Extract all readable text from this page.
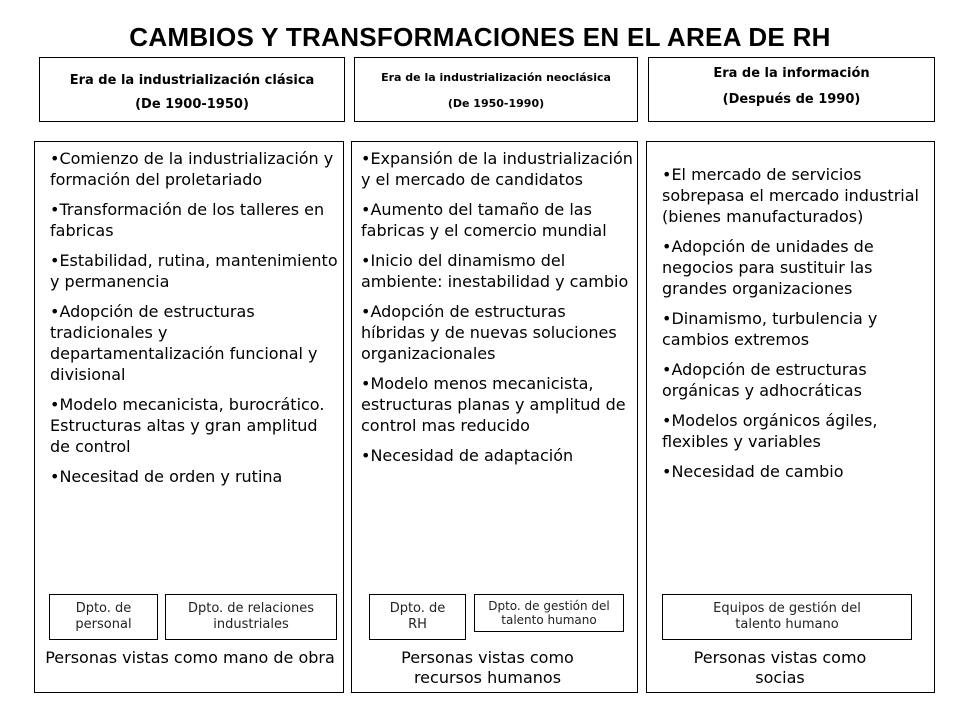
CAMBIOS Y TRANSFORMACIONES EN EL AREA DE RH
Era de la industrialización clásica
(De 1900-1950)
Era de la industrialización neoclásica
(De 1950-1990)
Era de la información
(Después de 1990)
•Comienzo de la industrialización y formación del proletariado
•Transformación de los talleres en fabricas
•Estabilidad, rutina, mantenimiento y permanencia
•Adopción de estructuras tradicionales y departamentalización funcional y divisional
•Modelo mecanicista, burocrático. Estructuras altas y gran amplitud de control
•Necesitad de orden y rutina
Dpto. de personal
Dpto. de relaciones industriales
Personas vistas como mano de obra
•Expansión de la industrialización y el mercado de candidatos
•Aumento del tamaño de las fabricas y el comercio mundial
•Inicio del dinamismo del ambiente: inestabilidad y cambio
•Adopción de estructuras híbridas y de nuevas soluciones organizacionales
•Modelo menos mecanicista, estructuras planas y amplitud de control mas reducido
•Necesidad de adaptación
Dpto. de RH
Dpto. de gestión del talento humano
Personas vistas como recursos humanos
•El mercado de servicios sobrepasa el mercado industrial (bienes manufacturados)
•Adopción de unidades de negocios para sustituir las grandes organizaciones
•Dinamismo, turbulencia y cambios extremos
•Adopción de estructuras orgánicas y adhocráticas
•Modelos orgánicos ágiles, flexibles y variables
•Necesidad de cambio
Equipos de gestión del talento humano
Personas vistas como socias
